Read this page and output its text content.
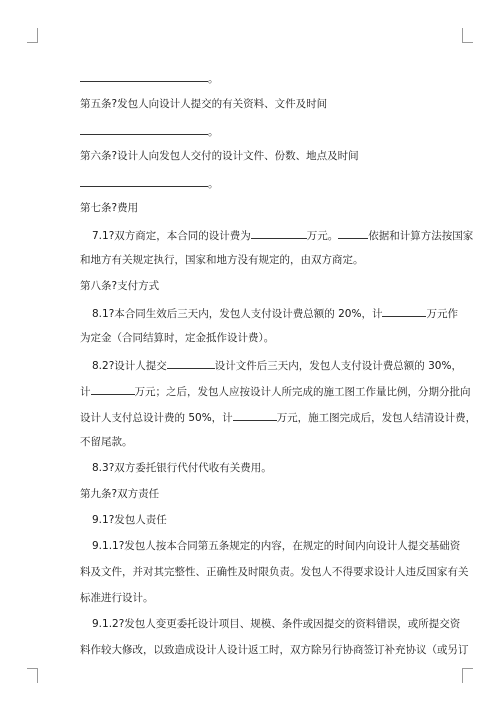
。
第五条?发包人向设计人提交的有关资料、文件及时间
。
第六条?设计人向发包人交付的设计文件、份数、地点及时间
。
第七条?费用
7.1?双方商定，本合同的设计费为	万元。	依据和计算方法按国家
和地方有关规定执行，国家和地方没有规定的，由双方商定。
第八条?支付方式
8.1?本合同生效后三天内，发包人支付设计费总额的 20%，计	万元作
为定金（合同结算时，定金抵作设计费）。
8.2?设计人提交	设计文件后三天内，发包人支付设计费总额的 30%，
计	万元；之后，发包人应按设计人所完成的施工图工作量比例，分期分批向
设计人支付总设计费的 50%，计	万元，施工图完成后，发包人结清设计费，
不留尾款。
8.3?双方委托银行代付代收有关费用。
第九条?双方责任
9.1?发包人责任
9.1.1?发包人按本合同第五条规定的内容，在规定的时间内向设计人提交基础资
料及文件，并对其完整性、正确性及时限负责。发包人不得要求设计人违反国家有关
标准进行设计。
9.1.2?发包人变更委托设计项目、规模、条件或因提交的资料错误，或所提交资
料作较大修改，以致造成设计人设计返工时，双方除另行协商签订补充协议（或另订
